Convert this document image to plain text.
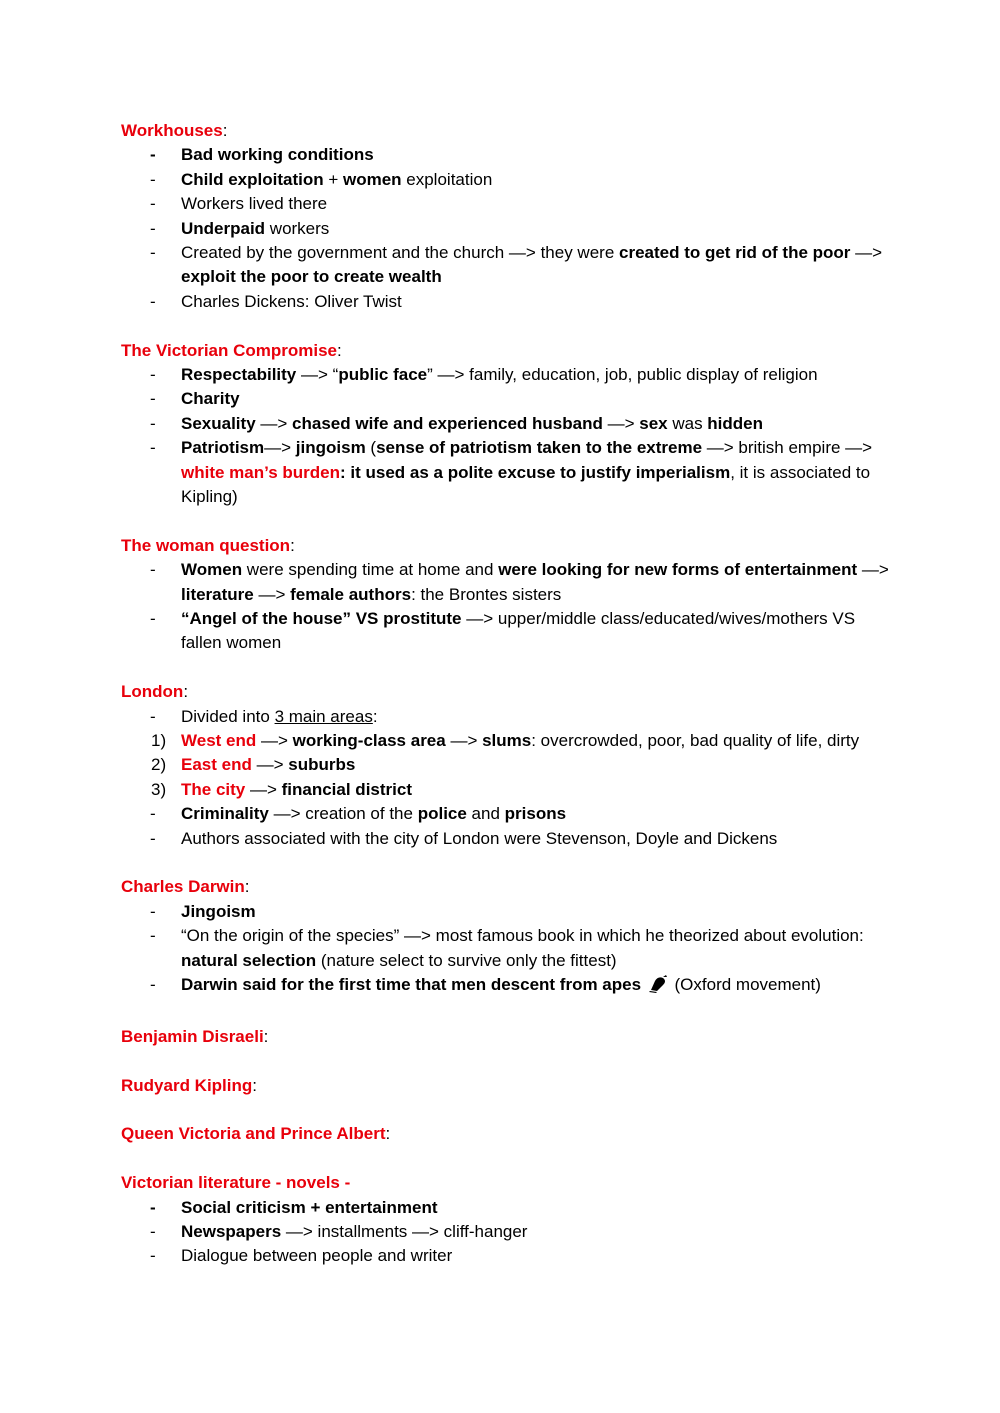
Workhouses:
- Bad working conditions
- Child exploitation + women exploitation
- Workers lived there
- Underpaid workers
- Created by the government and the church —> they were created to get rid of the poor —> exploit the poor to create wealth
- Charles Dickens: Oliver Twist
The Victorian Compromise:
- Respectability —> “public face” —> family, education, job, public display of religion
- Charity
- Sexuality —> chased wife and experienced husband —> sex was hidden
- Patriotism—> jingoism (sense of patriotism taken to the extreme —> british empire —> white man’s burden: it used as a polite excuse to justify imperialism, it is associated to Kipling)
The woman question:
- Women were spending time at home and were looking for new forms of entertainment —> literature —> female authors: the Brontes sisters
- “Angel of the house” VS prostitute —> upper/middle class/educated/wives/mothers VS fallen women
London:
- Divided into 3 main areas:
1) West end —> working-class area —> slums: overcrowded, poor, bad quality of life, dirty
2) East end —> suburbs
3) The city —> financial district
- Criminality —> creation of the police and prisons
- Authors associated with the city of London were Stevenson, Doyle and Dickens
Charles Darwin:
- Jingoism
- “On the origin of the species” —> most famous book in which he theorized about evolution: natural selection (nature select to survive only the fittest)
- Darwin said for the first time that men descent from apes  (Oxford movement)
Benjamin Disraeli:
Rudyard Kipling:
Queen Victoria and Prince Albert:
Victorian literature - novels -
- Social criticism + entertainment
- Newspapers —> installments —> cliff-hanger
- Dialogue between people and writer
